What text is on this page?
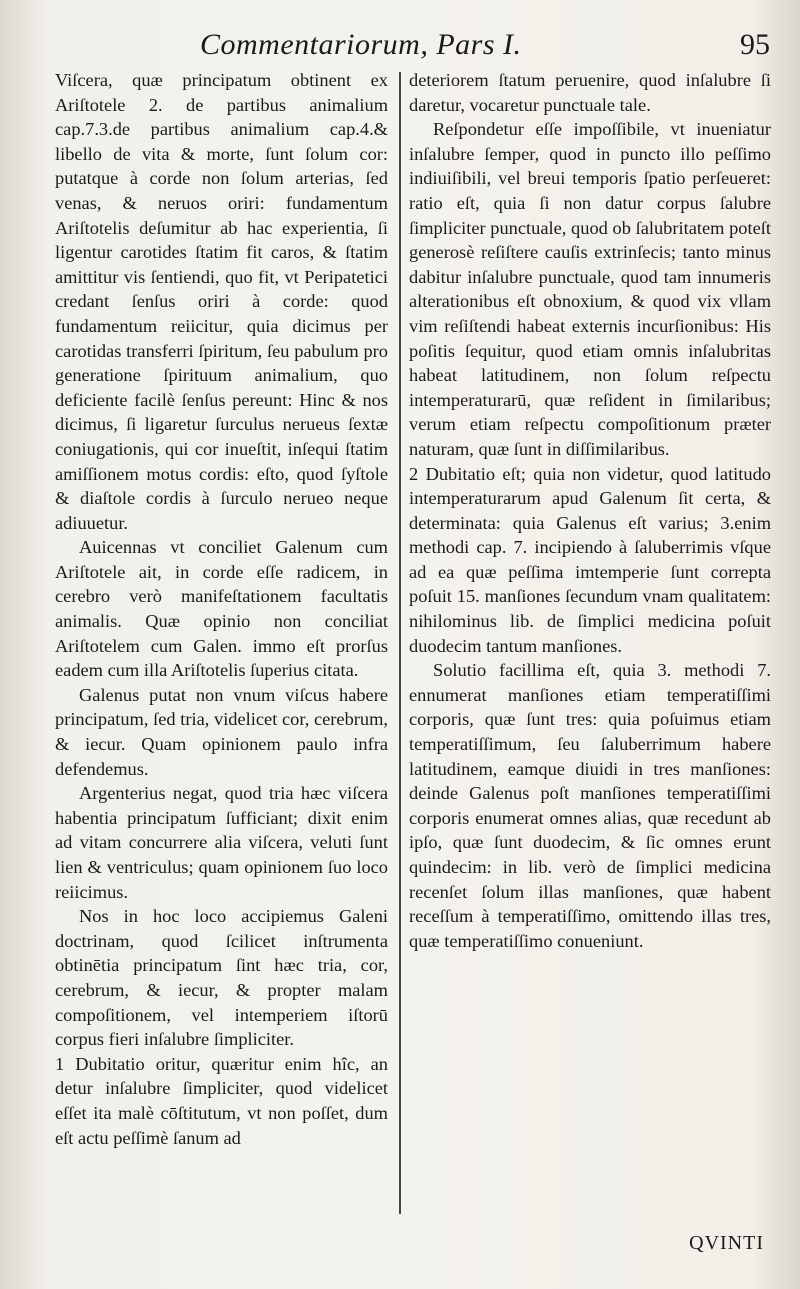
Commentariorum, Pars I.	95

Viſcera, quæ principatum obtinent ex Ariſtotele 2. de partibus animalium cap.7.3.de partibus animalium cap.4.& libello de vita & morte, ſunt ſolum cor: putatque à corde non ſolum arterias, ſed venas, & neruos oriri: fundamentum Ariſtotelis deſumitur ab hac experientia, ſi ligentur carotides ſtatim fit caros, & ſtatim amittitur vis ſentiendi, quo fit, vt Peripatetici credant ſenſus oriri à corde: quod fundamentum reiicitur, quia dicimus per carotidas transferri ſpiritum, ſeu pabulum pro generatione ſpirituum animalium, quo deficiente facilè ſenſus pereunt: Hinc & nos dicimus, ſi ligaretur ſurculus nerueus ſextæ coniugationis, qui cor inueſtit, inſequi ſtatim amiſſionem motus cordis: eſto, quod ſyſtole & diaſtole cordis à ſurculo nerueo neque adiuuetur.

Auicennas vt conciliet Galenum cum Ariſtotele ait, in corde eſſe radicem, in cerebro verò manifeſtationem facultatis animalis. Quæ opinio non conciliat Ariſtotelem cum Galen. immo eſt prorſus eadem cum illa Ariſtotelis ſuperius citata.

Galenus putat non vnum viſcus habere principatum, ſed tria, videlicet cor, cerebrum, & iecur. Quam opinionem paulo infra defendemus.

Argenterius negat, quod tria hæc viſcera habentia principatum ſufficiant; dixit enim ad vitam concurrere alia viſcera, veluti ſunt lien & ventriculus; quam opinionem ſuo loco reiicimus.

Nos in hoc loco accipiemus Galeni doctrinam, quod ſcilicet inſtrumenta obtinētia principatum ſint hæc tria, cor, cerebrum, & iecur, & propter malam compoſitionem, vel intemperiem iſtorū corpus fieri inſalubre ſimpliciter.

1 Dubitatio oritur, quæritur enim hîc, an detur inſalubre ſimpliciter, quod videlicet eſſet ita malè cōſtitutum, vt non poſſet, dum eſt actu peſſimè ſanum ad

deteriorem ſtatum peruenire, quod inſalubre ſi daretur, vocaretur punctuale tale.

Reſpondetur eſſe impoſſibile, vt inueniatur inſalubre ſemper, quod in puncto illo peſſimo indiuiſibili, vel breui temporis ſpatio perſeueret: ratio eſt, quia ſi non datur corpus ſalubre ſimpliciter punctuale, quod ob ſalubritatem poteſt generosè reſiſtere cauſis extrinſecis; tanto minus dabitur inſalubre punctuale, quod tam innumeris alterationibus eſt obnoxium, & quod vix vllam vim reſiſtendi habeat externis incurſionibus: His poſitis ſequitur, quod etiam omnis inſalubritas habeat latitudinem, non ſolum reſpectu intemperaturarū, quæ reſident in ſimilaribus; verum etiam reſpectu compoſitionum præter naturam, quæ ſunt in diſſimilaribus.

2 Dubitatio eſt; quia non videtur, quod latitudo intemperaturarum apud Galenum ſit certa, & determinata: quia Galenus eſt varius; 3.enim methodi cap. 7. incipiendo à ſaluberrimis vſque ad ea quæ peſſima imtemperie ſunt correpta poſuit 15. manſiones ſecundum vnam qualitatem: nihilominus lib. de ſimplici medicina poſuit duodecim tantum manſiones.

Solutio facillima eſt, quia 3. methodi 7. ennumerat manſiones etiam temperatiſſimi corporis, quæ ſunt tres: quia poſuimus etiam temperatiſſimum, ſeu ſaluberrimum habere latitudinem, eamque diuidi in tres manſiones: deinde Galenus poſt manſiones temperatiſſimi corporis enumerat omnes alias, quæ recedunt ab ipſo, quæ ſunt duodecim, & ſic omnes erunt quindecim: in lib. verò de ſimplici medicina recenſet ſolum illas manſiones, quæ habent receſſum à temperatiſſimo, omittendo illas tres, quæ temperatiſſimo conueniunt.

QVINTI
